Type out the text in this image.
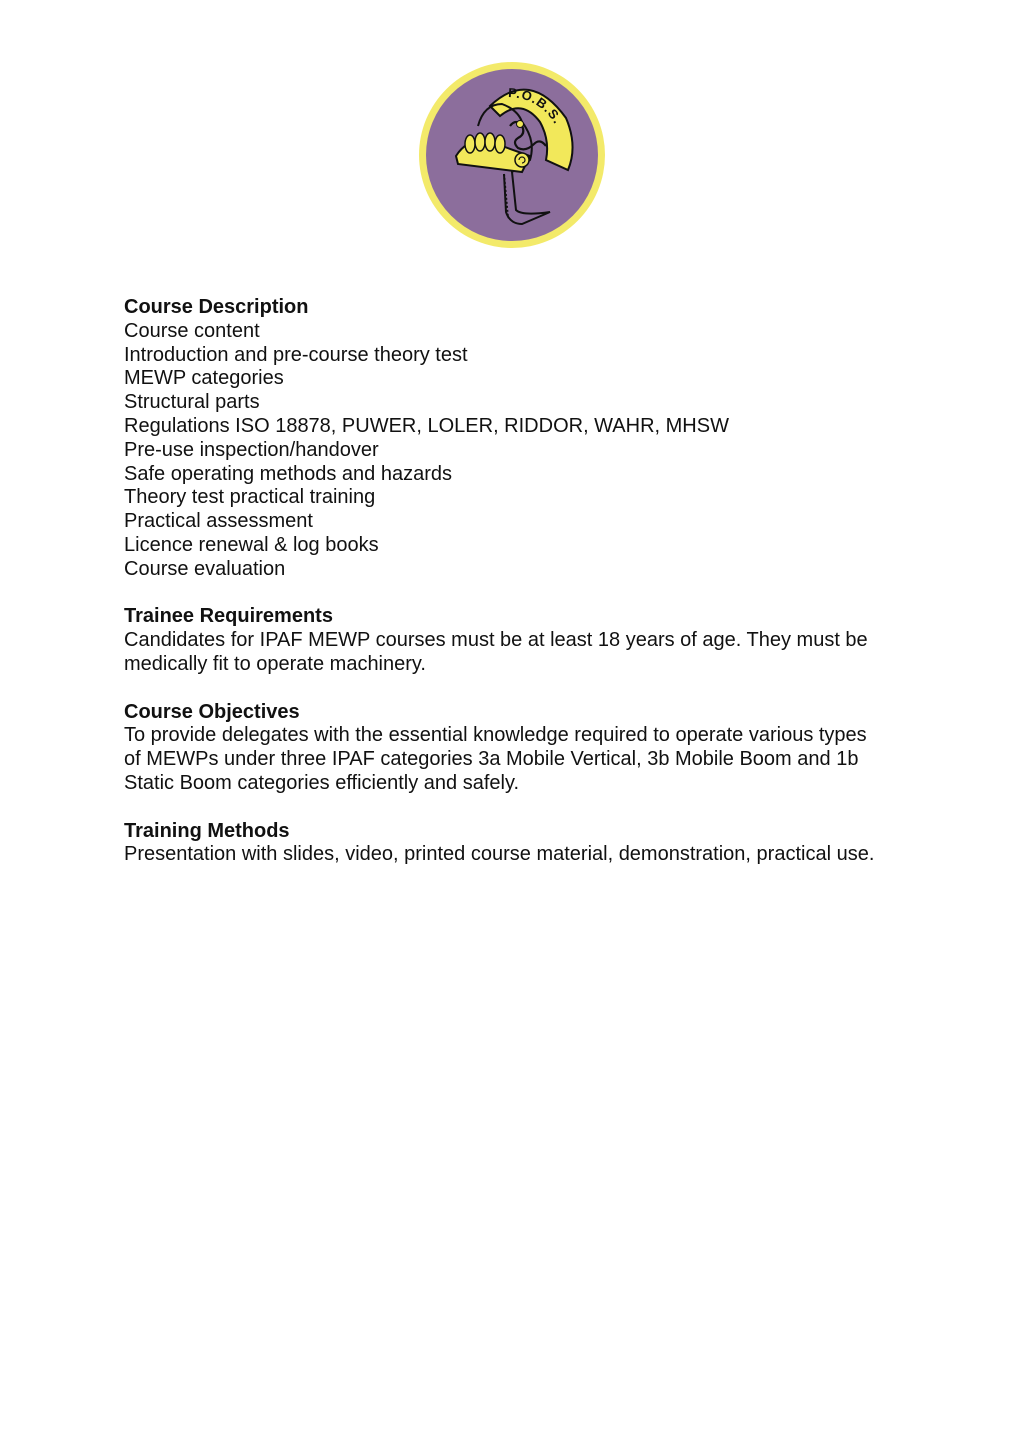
P.O.B.S.

Course Description

Course content

Introduction and pre-course theory test

MEWP categories

Structural parts

Regulations ISO 18878, PUWER, LOLER, RIDDOR, WAHR, MHSW

Pre-use inspection/handover

Safe operating methods and hazards

Theory test practical training

Practical assessment

Licence renewal & log books

Course evaluation

Trainee Requirements

Candidates for IPAF MEWP courses must be at least 18 years of age. They must be

medically fit to operate machinery.

Course Objectives

To provide delegates with the essential knowledge required to operate various types

of MEWPs under three IPAF categories 3a Mobile Vertical, 3b Mobile Boom and 1b

Static Boom categories efficiently and safely.

Training Methods

Presentation with slides, video, printed course material, demonstration, practical use.
